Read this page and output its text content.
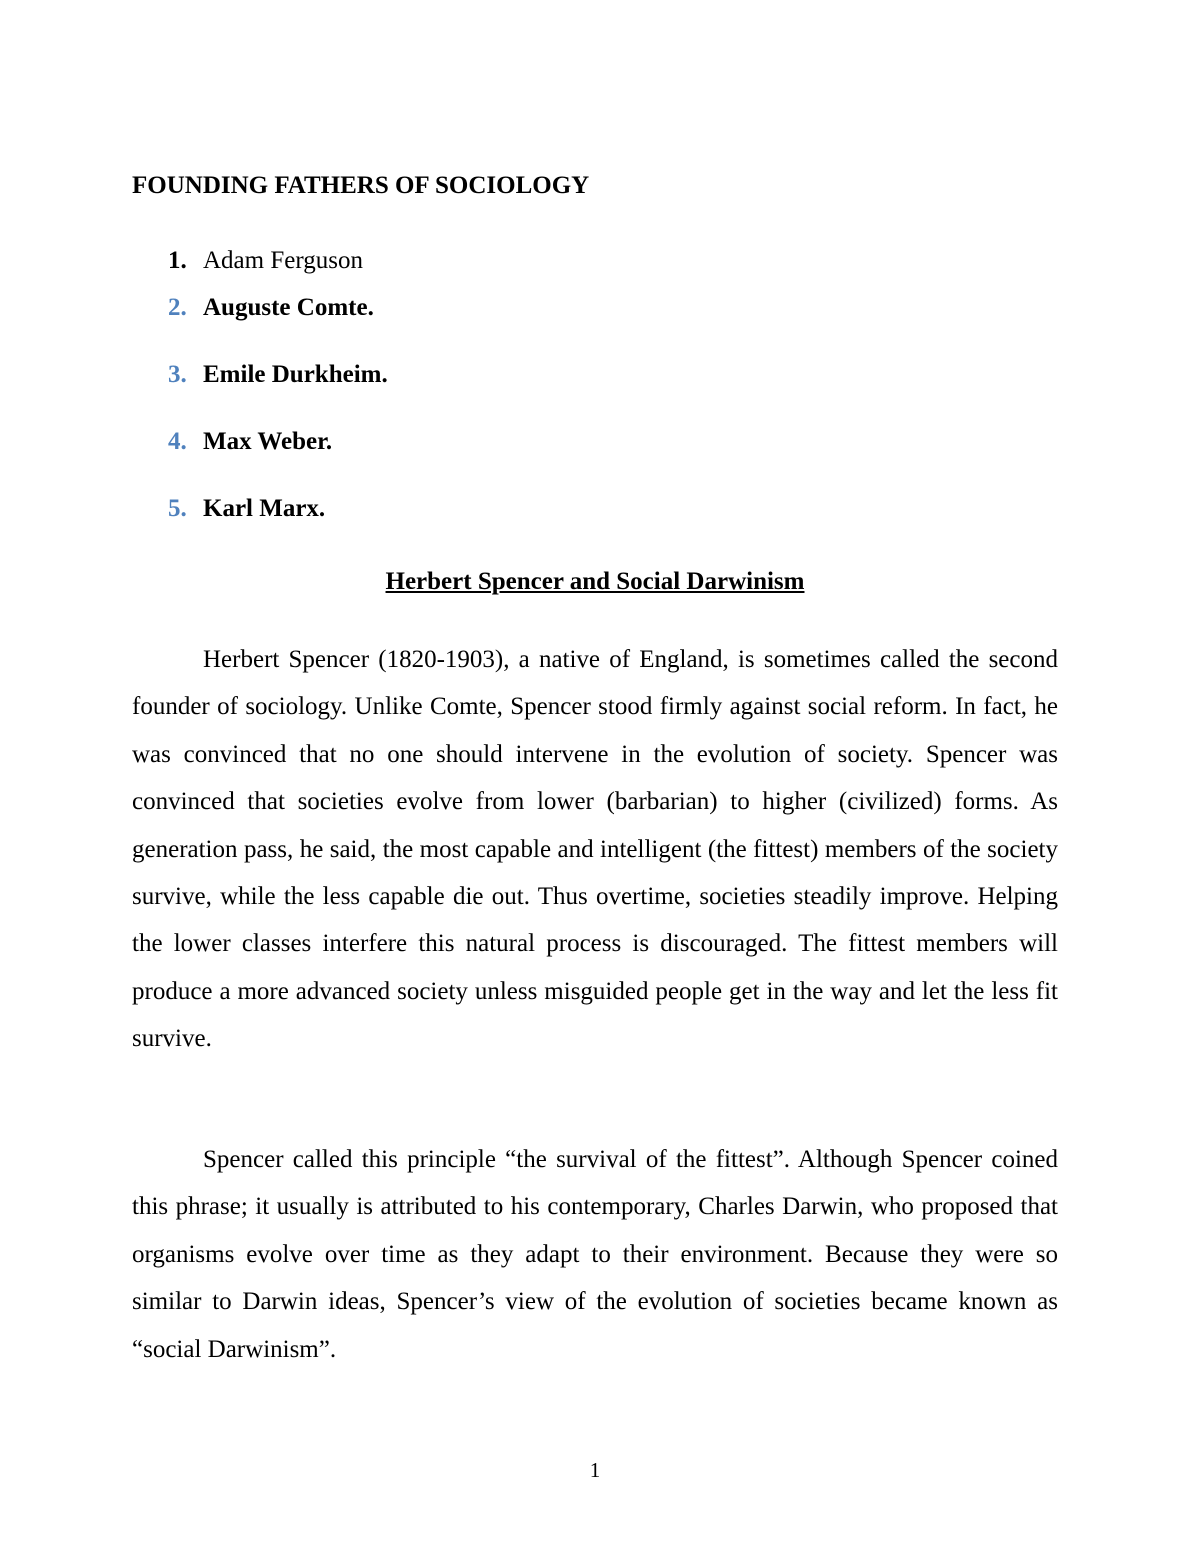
FOUNDING FATHERS OF SOCIOLOGY
1. Adam Ferguson
2. Auguste Comte.
3. Emile Durkheim.
4. Max Weber.
5. Karl Marx.
Herbert Spencer and Social Darwinism

Herbert Spencer (1820-1903), a native of England, is sometimes called the second founder of sociology. Unlike Comte, Spencer stood firmly against social reform. In fact, he was convinced that no one should intervene in the evolution of society. Spencer was convinced that societies evolve from lower (barbarian) to higher (civilized) forms. As generation pass, he said, the most capable and intelligent (the fittest) members of the society survive, while the less capable die out. Thus overtime, societies steadily improve. Helping the lower classes interfere this natural process is discouraged. The fittest members will produce a more advanced society unless misguided people get in the way and let the less fit survive.

Spencer called this principle “the survival of the fittest”. Although Spencer coined this phrase; it usually is attributed to his contemporary, Charles Darwin, who proposed that organisms evolve over time as they adapt to their environment. Because they were so similar to Darwin ideas, Spencer’s view of the evolution of societies became known as “social Darwinism”.

1
